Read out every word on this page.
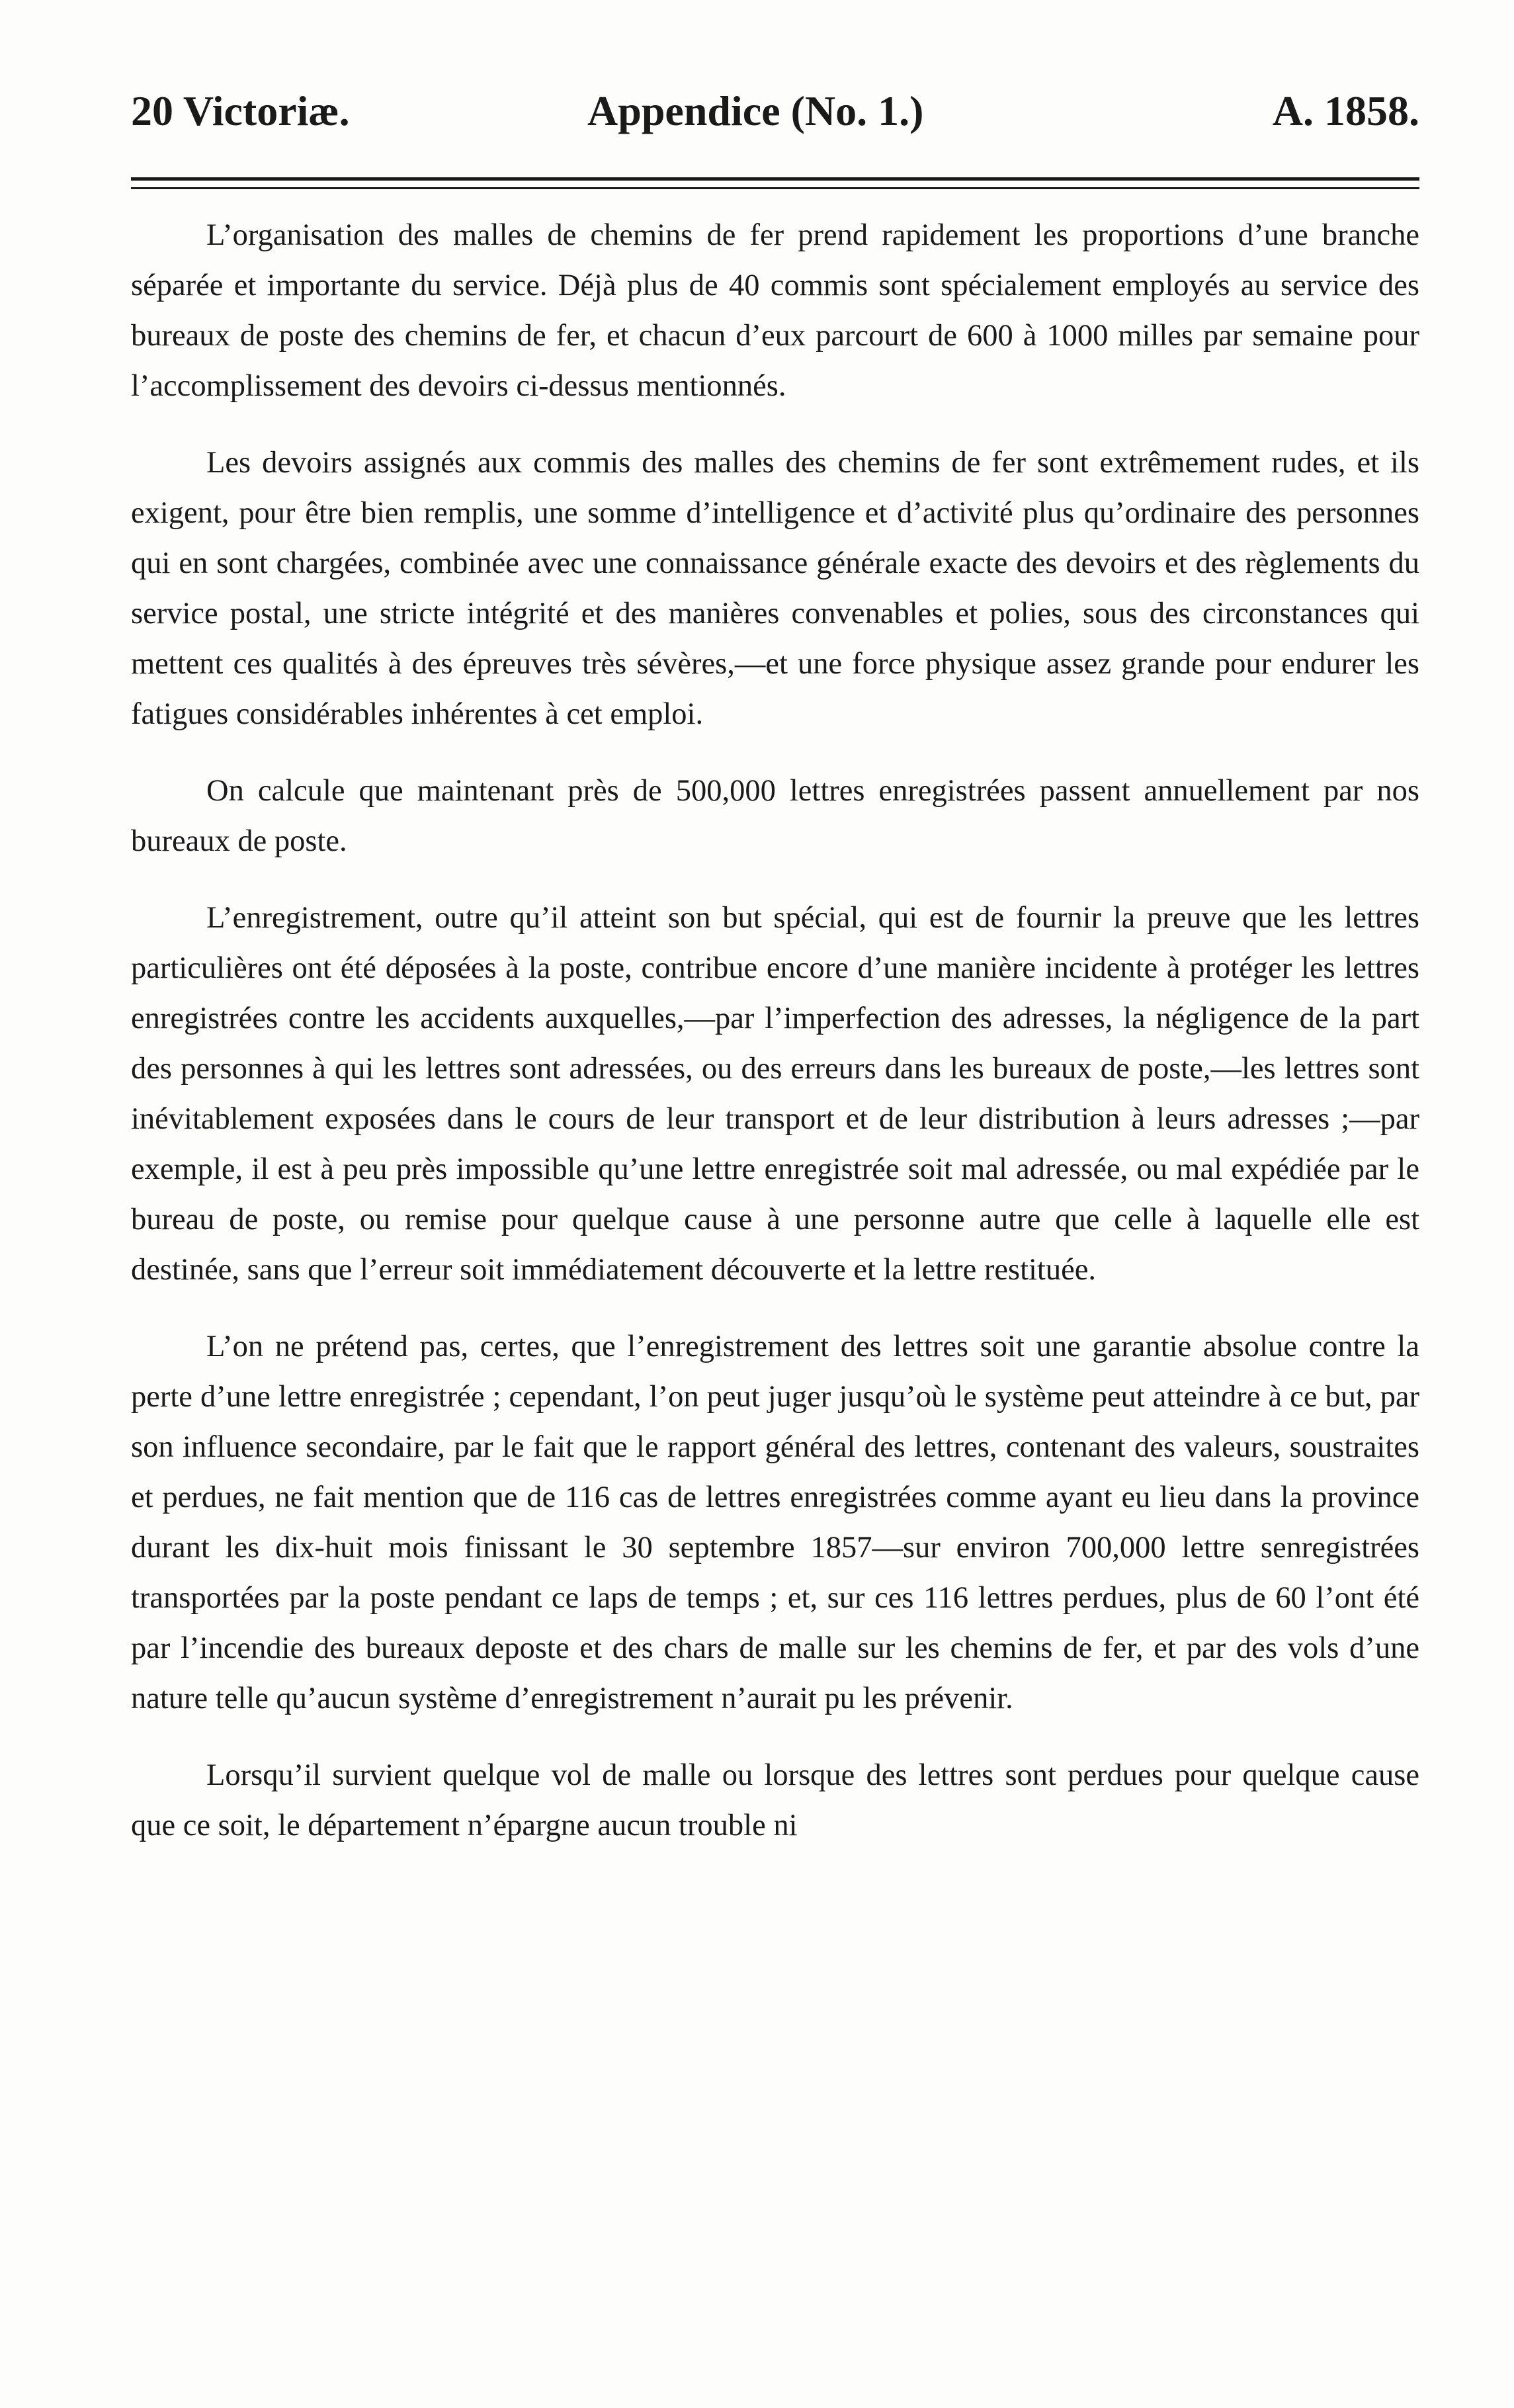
20 Victoriæ.	Appendice (No. 1.)	A. 1858.

L’organisation des malles de chemins de fer prend rapidement les proportions d’une branche séparée et importante du service. Déjà plus de 40 commis sont spécialement employés au service des bureaux de poste des chemins de fer, et chacun d’eux parcourt de 600 à 1000 milles par semaine pour l’accomplissement des devoirs ci-dessus mentionnés.

Les devoirs assignés aux commis des malles des chemins de fer sont extrêmement rudes, et ils exigent, pour être bien remplis, une somme d’intelligence et d’activité plus qu’ordinaire des personnes qui en sont chargées, combinée avec une connaissance générale exacte des devoirs et des règlements du service postal, une stricte intégrité et des manières convenables et polies, sous des circonstances qui mettent ces qualités à des épreuves très sévères,—et une force physique assez grande pour endurer les fatigues considérables inhérentes à cet emploi.

On calcule que maintenant près de 500,000 lettres enregistrées passent annuellement par nos bureaux de poste.

L’enregistrement, outre qu’il atteint son but spécial, qui est de fournir la preuve que les lettres particulières ont été déposées à la poste, contribue encore d’une manière incidente à protéger les lettres enregistrées contre les accidents auxquelles,—par l’imperfection des adresses, la négligence de la part des personnes à qui les lettres sont adressées, ou des erreurs dans les bureaux de poste,—les lettres sont inévitablement exposées dans le cours de leur transport et de leur distribution à leurs adresses ;—par exemple, il est à peu près impossible qu’une lettre enregistrée soit mal adressée, ou mal expédiée par le bureau de poste, ou remise pour quelque cause à une personne autre que celle à laquelle elle est destinée, sans que l’erreur soit immédiatement découverte et la lettre restituée.

L’on ne prétend pas, certes, que l’enregistrement des lettres soit une garantie absolue contre la perte d’une lettre enregistrée ; cependant, l’on peut juger jusqu’où le système peut atteindre à ce but, par son influence secondaire, par le fait que le rapport général des lettres, contenant des valeurs, soustraites et perdues, ne fait mention que de 116 cas de lettres enregistrées comme ayant eu lieu dans la province durant les dix-huit mois finissant le 30 septembre 1857—sur environ 700,000 lettre senregistrées transportées par la poste pendant ce laps de temps ; et, sur ces 116 lettres perdues, plus de 60 l’ont été par l’incendie des bureaux deposte et des chars de malle sur les chemins de fer, et par des vols d’une nature telle qu’aucun système d’enregistrement n’aurait pu les prévenir.

Lorsqu’il survient quelque vol de malle ou lorsque des lettres sont perdues pour quelque cause que ce soit, le département n’épargne aucun trouble ni
